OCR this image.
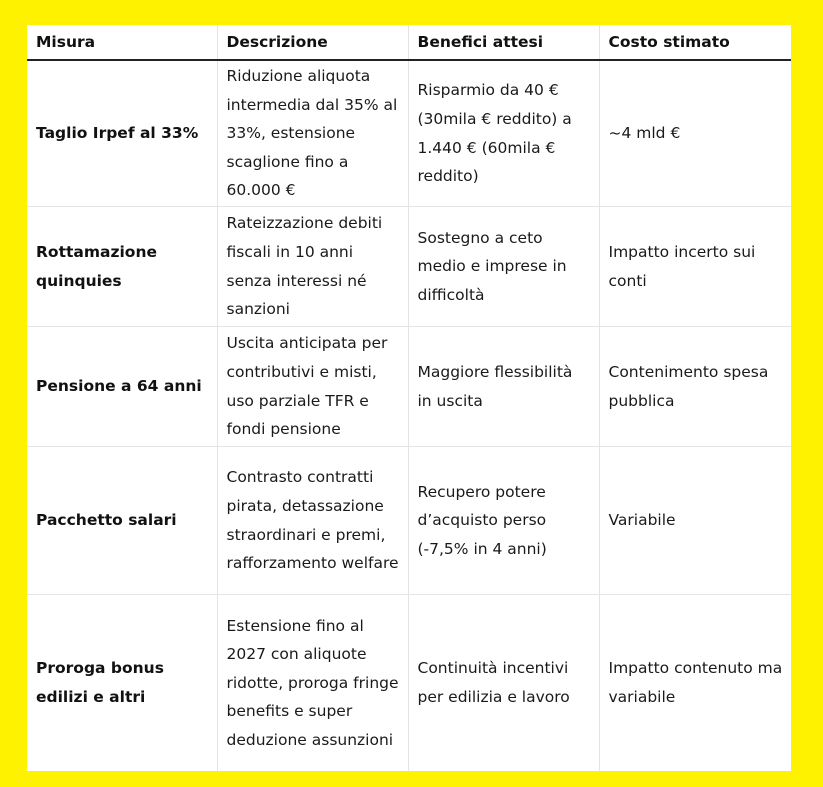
Misura	Descrizione	Benefici attesi	Costo stimato
Taglio Irpef al 33%	Riduzione aliquota intermedia dal 35% al 33%, estensione scaglione fino a 60.000 €	Risparmio da 40 € (30mila € reddito) a 1.440 € (60mila € reddito)	~4 mld €
Rottamazione quinquies	Rateizzazione debiti fiscali in 10 anni senza interessi né sanzioni	Sostegno a ceto medio e imprese in difficoltà	Impatto incerto sui conti
Pensione a 64 anni	Uscita anticipata per contributivi e misti, uso parziale TFR e fondi pensione	Maggiore flessibilità in uscita	Contenimento spesa pubblica
Pacchetto salari	Contrasto contratti pirata, detassazione straordinari e premi, rafforzamento welfare	Recupero potere d’acquisto perso (-7,5% in 4 anni)	Variabile
Proroga bonus edilizi e altri	Estensione fino al 2027 con aliquote ridotte, proroga fringe benefits e super deduzione assunzioni	Continuità incentivi per edilizia e lavoro	Impatto contenuto ma variabile
